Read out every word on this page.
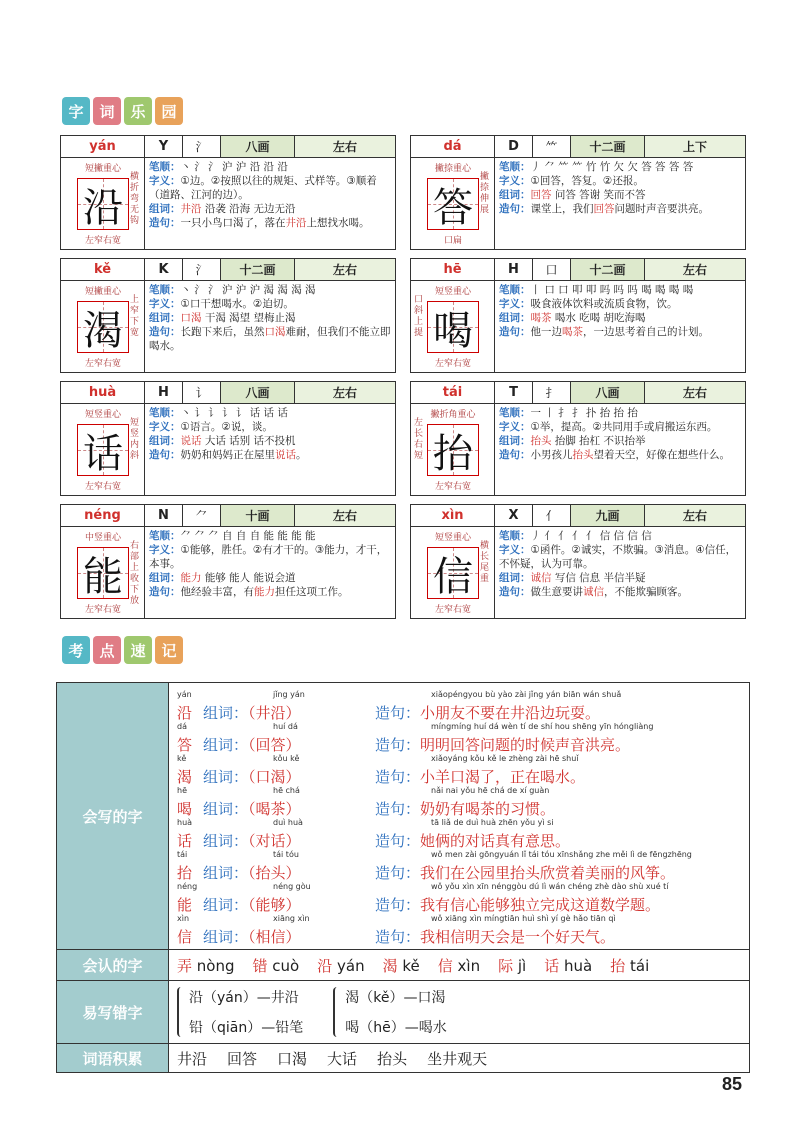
字	词	乐	园
yán	Y	氵	八画	左右
短撇重心
横折弯无钩
沿
左窄右宽
笔顺：丶 氵 氵 沪 沪 沿 沿 沿
字义：①边。②按照以往的规矩、式样等。③顺着（道路、江河的边）。
组词：井沿 沿袭 沿海 无边无沿
造句：一只小鸟口渴了，落在井沿上想找水喝。
dá	D	⺮	十二画	上下
撇捺重心
撇捺伸展
答
口扁
笔顺：丿 ⺈ ⺮ ⺮ 竹 竹 欠 欠 答 答 答 答
字义：①回答，答复。②还报。
组词：回答 问答 答谢 笑而不答
造句：课堂上，我们回答问题时声音要洪亮。
kě	K	氵	十二画	左右
短撇重心
上窄下宽
渴
左窄右宽
笔顺：丶 氵 氵 沪 沪 沪 渴 渴 渴 渴
字义：①口干想喝水。②迫切。
组词：口渴 干渴 渴望 望梅止渴
造句：长跑下来后，虽然口渴难耐，但我们不能立即喝水。
hē	H	口	十二画	左右
短竖重心
口斜上提 喝
左窄右宽
笔顺：丨 口 口 叩 叩 吗 吗 吗 喝 喝 喝 喝
字义：吸食液体饮料或流质食物，饮。
组词：喝茶 喝水 吃喝 胡吃海喝
造句：他一边喝茶，一边思考着自己的计划。
huà	H	讠	八画	左右
短竖重心
短竖内斜
话
左窄右宽
笔顺：丶 讠 讠 讠 讠 话 话 话
字义：①语言。②说，谈。
组词：说话 大话 话别 话不投机
造句：奶奶和妈妈正在屋里说话。
tái	T	扌	八画	左右
撇折角重心
左长右短 抬
左窄右宽
笔顺：一 丨 扌 扌 扑 抬 抬 抬
字义：①举，提高。②共同用手或肩搬运东西。
组词：抬头 抬脚 抬杠 不识抬举
造句：小男孩儿抬头望着天空，好像在想些什么。
néng	N	⺈	十画	左右
中竖重心
右部上收下放
能
左窄右宽
笔顺：⺈ ⺈ ⺈ 自 自 自 能 能 能 能
字义：①能够，胜任。②有才干的。③能力，才干，本事。
组词：能力 能够 能人 能说会道
造句：他经验丰富，有能力担任这项工作。
xìn	X	亻	九画	左右
短竖重心
横长尾重
信
左窄右宽
笔顺：丿 亻 亻 亻 亻 信 信 信 信
字义：①函件。②诚实，不欺骗。③消息。④信任，不怀疑，认为可靠。
组词：诚信 写信 信息 半信半疑
造句：做生意要讲诚信，不能欺骗顾客。
考	点	速	记
会写的字
yán
沿
jǐng yán
组词：（井沿）
xiǎopéngyou bù yào zài jǐng yán biān wán shuǎ
造句：小朋友不要在井沿边玩耍。
dá
答
huí dá
组词：（回答）
míngmíng huí dá wèn tí de shí hou shēng yīn hóngliàng
造句：明明回答问题的时候声音洪亮。
kě
渴
kǒu kě
组词：（口渴）
xiǎoyáng kǒu kě le zhèng zài hē shuǐ
造句：小羊口渴了，正在喝水。
hē
喝
hē chá
组词：（喝茶）
nǎi nai yǒu hē chá de xí guàn
造句：奶奶有喝茶的习惯。
huà
话
duì huà
组词：（对话）
tā liǎ de duì huà zhēn yǒu yì si
造句：她俩的对话真有意思。
tái
抬
tái tóu
组词：（抬头）
wǒ men zài gōngyuán lǐ tái tóu xīnshǎng zhe měi lì de fēngzhēng
造句：我们在公园里抬头欣赏着美丽的风筝。
néng
能
néng gòu
组词：（能够）
wǒ yǒu xìn xīn nénggòu dú lì wán chéng zhè dào shù xué tí
造句：我有信心能够独立完成这道数学题。
xìn
信
xiāng xìn
组词：（相信）
wǒ xiāng xìn míngtiān huì shì yí gè hǎo tiān qì
造句：我相信明天会是一个好天气。
会认的字	弄 nòng 错 cuò 沿 yán 渴 kě 信 xìn 际 jì 话 huà 抬 tái
易写错字
沿（yán）—井沿
铅（qiān）—铅笔
渴（kě）—口渴
喝（hē）—喝水
词语积累	井沿 回答 口渴 大话 抬头 坐井观天
85
